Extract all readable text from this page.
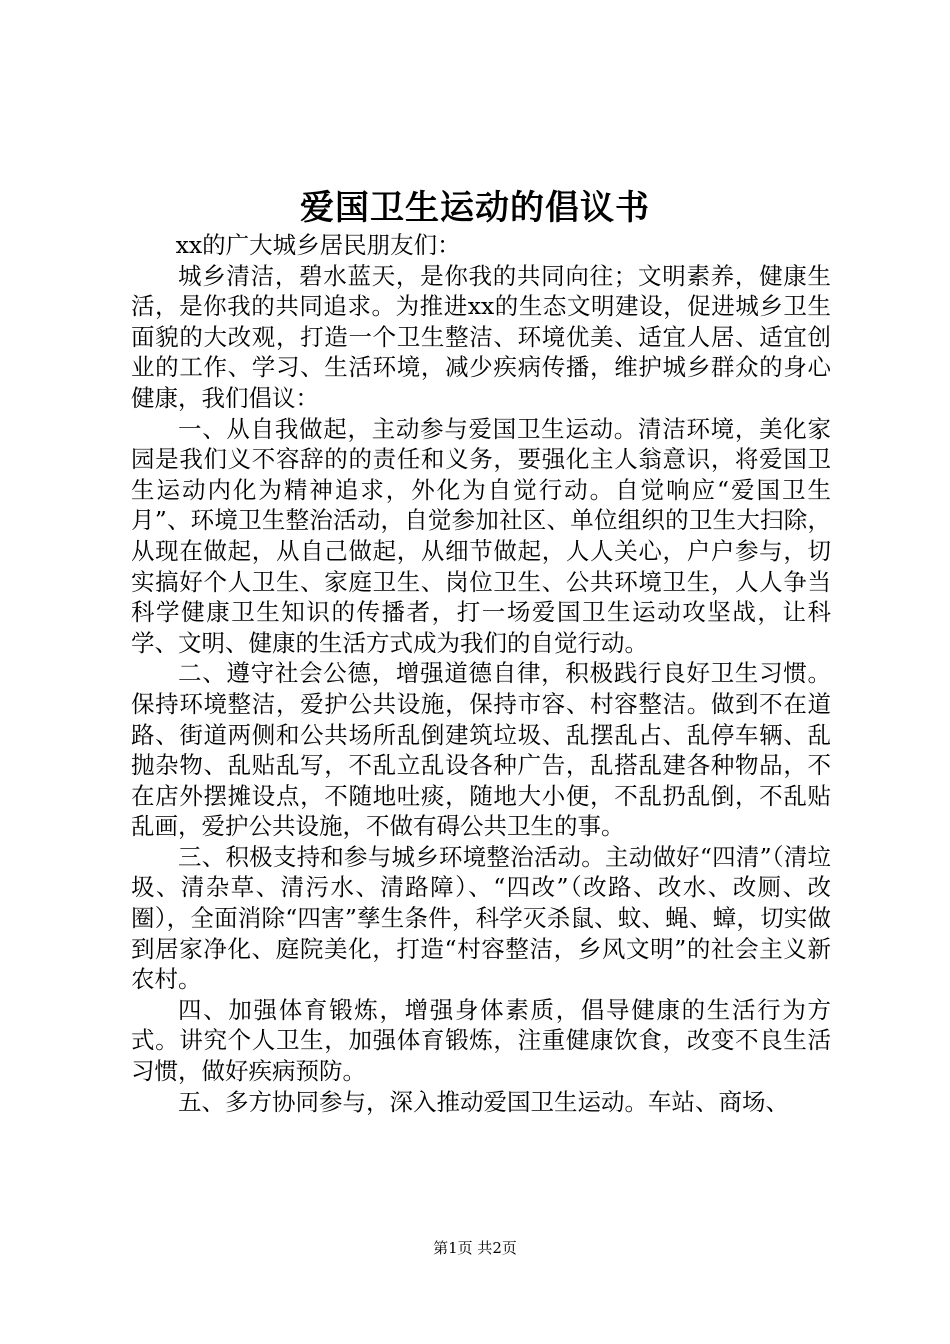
爱国卫生运动的倡议书

xx的广大城乡居民朋友们：

城乡清洁，碧水蓝天，是你我的共同向往；文明素养，健康生活，是你我的共同追求。为推进xx的生态文明建设，促进城乡卫生面貌的大改观，打造一个卫生整洁、环境优美、适宜人居、适宜创业的工作、学习、生活环境，减少疾病传播，维护城乡群众的身心健康，我们倡议：

一、从自我做起，主动参与爱国卫生运动。清洁环境，美化家园是我们义不容辞的的责任和义务，要强化主人翁意识，将爱国卫生运动内化为精神追求，外化为自觉行动。自觉响应“爱国卫生月”、环境卫生整治活动，自觉参加社区、单位组织的卫生大扫除，从现在做起，从自己做起，从细节做起，人人关心，户户参与，切实搞好个人卫生、家庭卫生、岗位卫生、公共环境卫生，人人争当科学健康卫生知识的传播者，打一场爱国卫生运动攻坚战，让科学、文明、健康的生活方式成为我们的自觉行动。

二、遵守社会公德，增强道德自律，积极践行良好卫生习惯。保持环境整洁，爱护公共设施，保持市容、村容整洁。做到不在道路、街道两侧和公共场所乱倒建筑垃圾、乱摆乱占、乱停车辆、乱抛杂物、乱贴乱写，不乱立乱设各种广告，乱搭乱建各种物品，不在店外摆摊设点，不随地吐痰，随地大小便，不乱扔乱倒，不乱贴乱画，爱护公共设施，不做有碍公共卫生的事。

三、积极支持和参与城乡环境整治活动。主动做好“四清”（清垃圾、清杂草、清污水、清路障）、“四改”（改路、改水、改厕、改圈），全面消除“四害”孳生条件，科学灭杀鼠、蚊、蝇、蟑，切实做到居家净化、庭院美化，打造“村容整洁，乡风文明”的社会主义新农村。

四、加强体育锻炼，增强身体素质，倡导健康的生活行为方式。讲究个人卫生，加强体育锻炼，注重健康饮食，改变不良生活习惯，做好疾病预防。

五、多方协同参与，深入推动爱国卫生运动。车站、商场、

第1页 共2页
